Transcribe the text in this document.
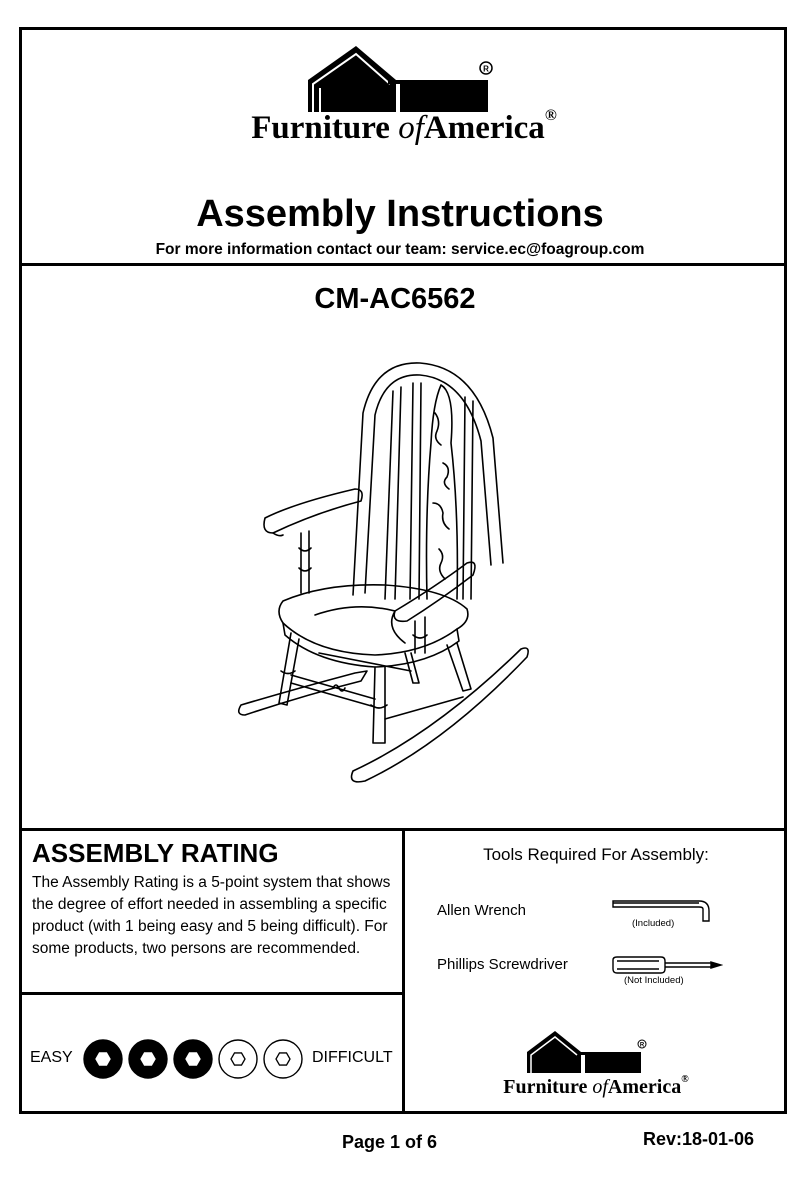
R
Furniture ofAmerica®
Assembly Instructions
For more information contact our team: service.ec@foagroup.com
CM-AC6562
ASSEMBLY RATING
The Assembly Rating is a 5-point system that shows the degree of effort needed in assembling a specific product (with 1 being easy and 5 being difficult). For some products, two persons are recommended.
EASY	DIFFICULT
Tools Required For Assembly:
Allen Wrench
(Included)
Phillips Screwdriver
(Not Included)
R
Furniture ofAmerica®
Page 1 of 6	Rev:18-01-06
